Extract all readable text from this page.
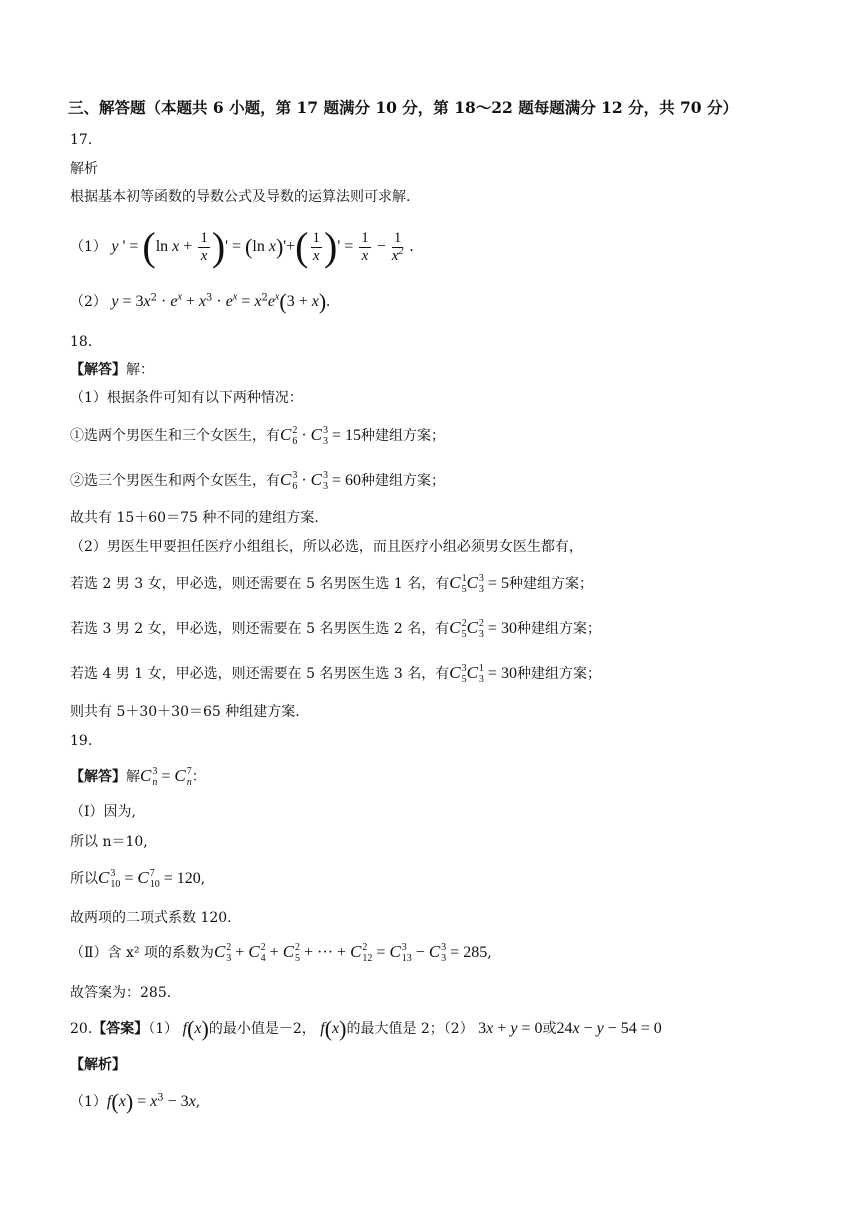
三、解答题（本题共 6 小题，第 17 题满分 10 分，第 18～22 题每题满分 12 分，共 70 分）
17.
解析
根据基本初等函数的导数公式及导数的运算法则可求解.
（1） y ' = (ln $x + \frac{1}{x}$ )' = (ln $x)'+( \frac{1}{x}$ )' = $\frac{1}{x} - \frac{1}{x^2}$ .
（2） $y = 3x^2 \cdot e^x + x^3 \cdot e^x = x^2e^x(3 + x)$.
18.
【解答】解：
（1）根据条件可知有以下两种情况：
①选两个男医生和三个女医生，有C 2
6 · C 3
3 = 15种建组方案；
②选三个男医生和两个女医生，有C 3
6 · C 3
3 = 60种建组方案；
故共有 15＋60＝75 种不同的建组方案.
（2）男医生甲要担任医疗小组组长，所以必选，而且医疗小组必须男女医生都有，
若选 2 男 3 女，甲必选，则还需要在 5 名男医生选 1 名，有C 1
5 C 3
3 = 5种建组方案；
若选 3 男 2 女，甲必选，则还需要在 5 名男医生选 2 名，有C 2
5 C 2
3 = 30种建组方案；
若选 4 男 1 女，甲必选，则还需要在 5 名男医生选 3 名，有C 3
5 C 1
3 = 30种建组方案；
则共有 5＋30＋30＝65 种组建方案.
19.
【解答】解C 3
n = C 7
n ：
（Ⅰ）因为,
所以 n＝10,
所以C 3
10 = C 7
10 = 120,
故两项的二项式系数 120.
（Ⅱ）含 x² 项的系数为C 2
3 + C 2
4 + C 2
5 + ··· + C 2
12 = C 3
13 − C 3
3 = 285,
故答案为：285.
20.【答案】（1） f(x)的最小值是－2， f(x)的最大值是 2；（2） 3x + y = 0或24x − y − 54 = 0
【解析】
$(1)f(x) = x^3 - 3x$,
